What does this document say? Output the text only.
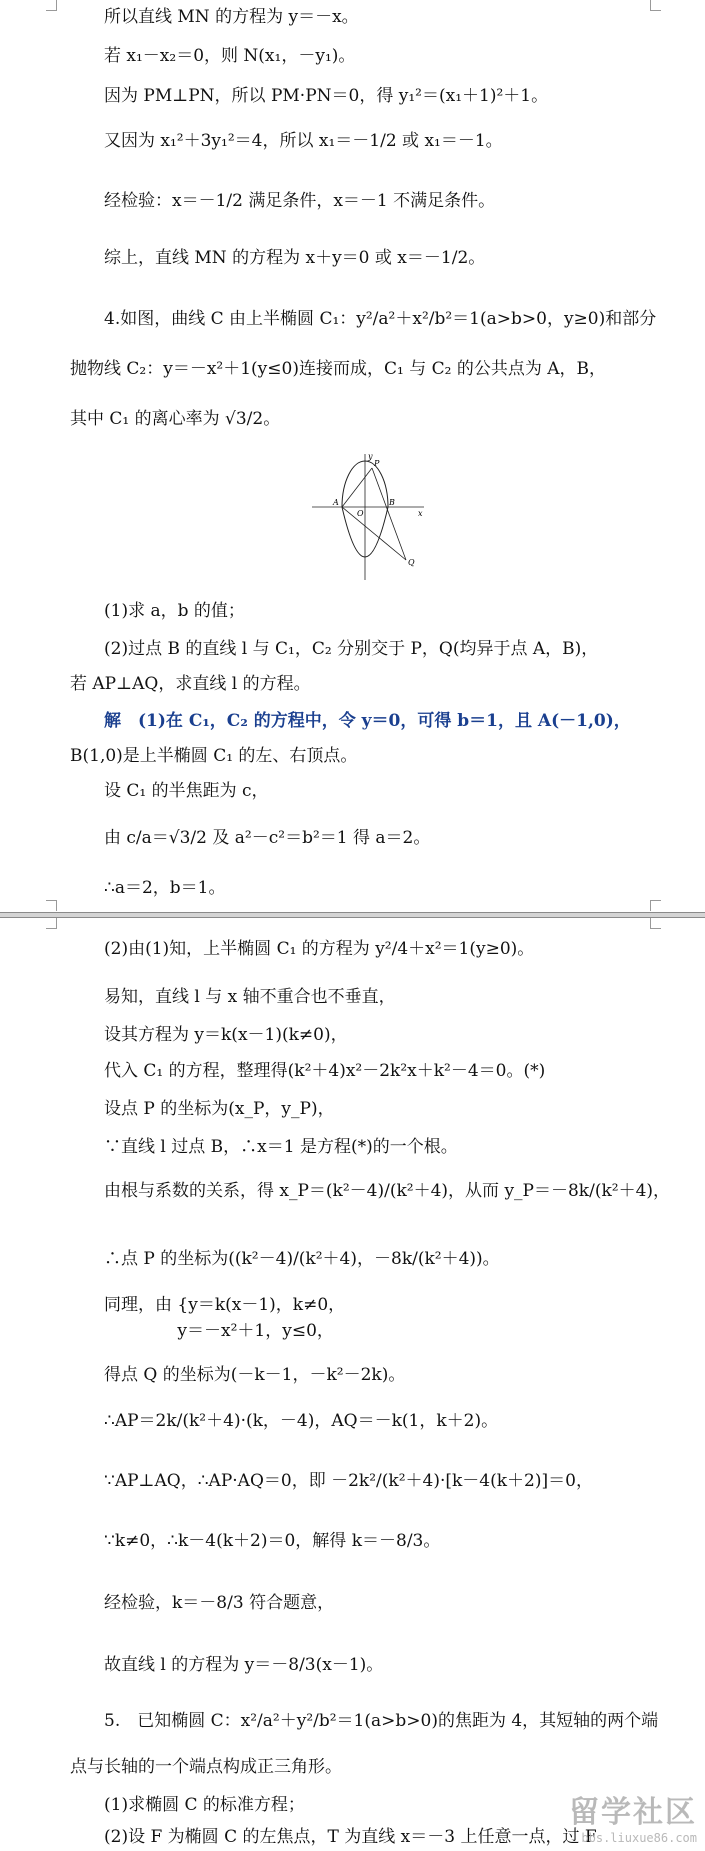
所以直线 MN 的方程为 y＝－x。
若 x₁－x₂＝0，则 N(x₁，－y₁)。
因为 PM⊥PN，所以 PM·PN＝0，得 y₁²＝(x₁＋1)²＋1。
又因为 x₁²＋3y₁²＝4，所以 x₁＝－1/2 或 x₁＝－1。
经检验：x＝－1/2 满足条件，x＝－1 不满足条件。
综上，直线 MN 的方程为 x＋y＝0 或 x＝－1/2。
4.如图，曲线 C 由上半椭圆 C₁：y²/a²＋x²/b²＝1(a>b>0，y≥0)和部分
抛物线 C₂：y＝－x²＋1(y≤0)连接而成，C₁ 与 C₂ 的公共点为 A，B，
其中 C₁ 的离心率为 √3/2。
y
x
P
A	B
O
Q
(1)求 a，b 的值；
(2)过点 B 的直线 l 与 C₁，C₂ 分别交于 P，Q(均异于点 A，B)，
若 AP⊥AQ，求直线 l 的方程。
解　(1)在 C₁，C₂ 的方程中，令 y＝0，可得 b＝1，且 A(－1,0)，
B(1,0)是上半椭圆 C₁ 的左、右顶点。
设 C₁ 的半焦距为 c，
由 c/a＝√3/2 及 a²－c²＝b²＝1 得 a＝2。
∴a＝2，b＝1。
(2)由(1)知，上半椭圆 C₁ 的方程为 y²/4＋x²＝1(y≥0)。
易知，直线 l 与 x 轴不重合也不垂直，
设其方程为 y＝k(x－1)(k≠0)，
代入 C₁ 的方程，整理得(k²＋4)x²－2k²x＋k²－4＝0。(*)
设点 P 的坐标为(x_P，y_P)，
∵直线 l 过点 B，∴x＝1 是方程(*)的一个根。
由根与系数的关系，得 x_P＝(k²－4)/(k²＋4)，从而 y_P＝－8k/(k²＋4)，
∴点 P 的坐标为((k²－4)/(k²＋4)，－8k/(k²＋4))。
同理，由 {y＝k(x－1)，k≠0，
　　　　 y＝－x²＋1，y≤0，
得点 Q 的坐标为(－k－1，－k²－2k)。
∴AP＝2k/(k²＋4)·(k，－4)，AQ＝－k(1，k＋2)。
∵AP⊥AQ，∴AP·AQ＝0，即 －2k²/(k²＋4)·[k－4(k＋2)]＝0，
∵k≠0，∴k－4(k＋2)＝0，解得 k＝－8/3。
经检验，k＝－8/3 符合题意，
故直线 l 的方程为 y＝－8/3(x－1)。
5.　已知椭圆 C：x²/a²＋y²/b²＝1(a>b>0)的焦距为 4，其短轴的两个端
点与长轴的一个端点构成正三角形。
(1)求椭圆 C 的标准方程；
(2)设 F 为椭圆 C 的左焦点，T 为直线 x＝－3 上任意一点，过 F
留学社区
bbs.liuxue86.com
